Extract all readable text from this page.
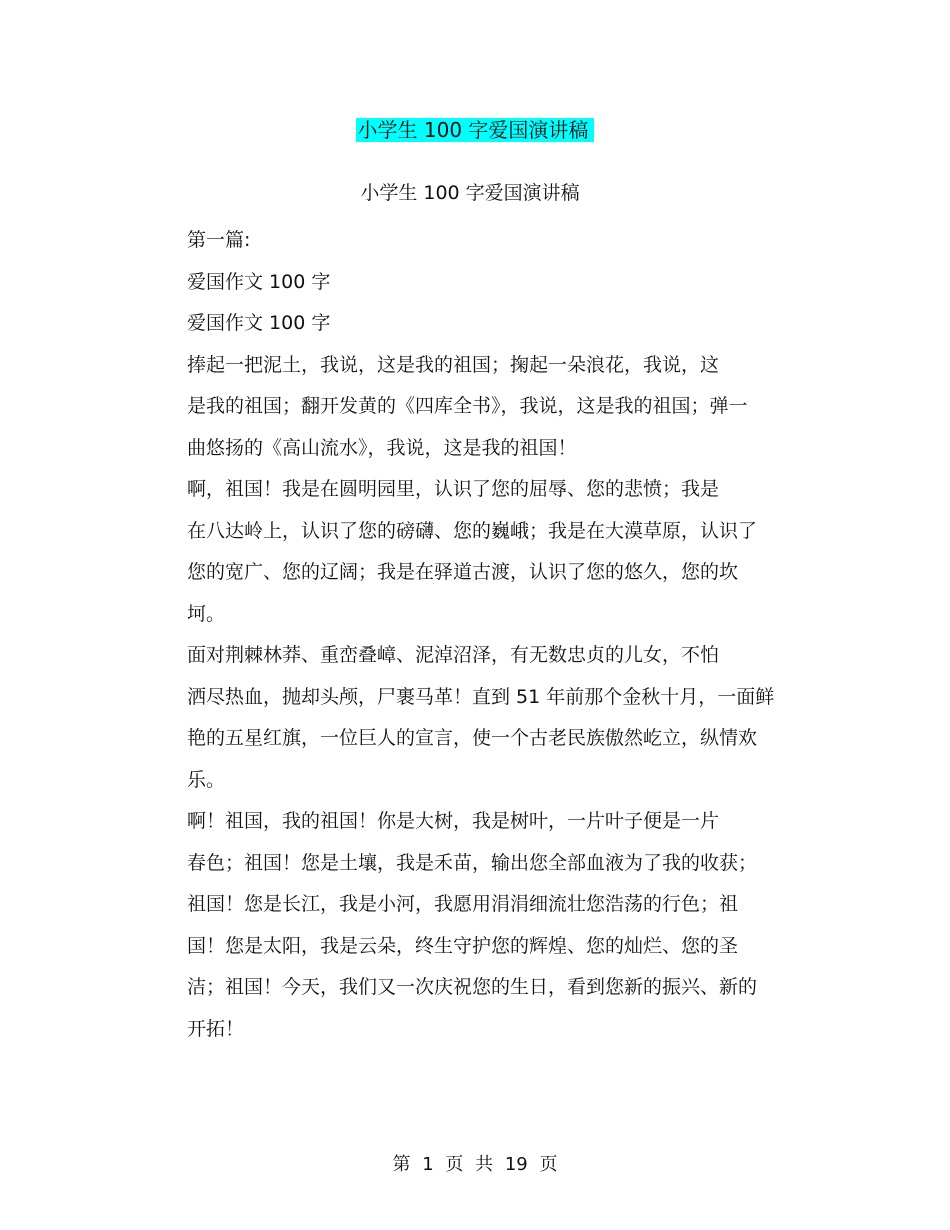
小学生 100 字爱国演讲稿
小学生 100 字爱国演讲稿

第一篇:

爱国作文 100 字

爱国作文 100 字

捧起一把泥土，我说，这是我的祖国；掬起一朵浪花，我说，这
是我的祖国；翻开发黄的《四库全书》，我说，这是我的祖国；弹一
曲悠扬的《高山流水》，我说，这是我的祖国！

啊，祖国！我是在圆明园里，认识了您的屈辱、您的悲愤；我是
在八达岭上，认识了您的磅礴、您的巍峨；我是在大漠草原，认识了
您的宽广、您的辽阔；我是在驿道古渡，认识了您的悠久，您的坎
坷。

面对荆棘林莽、重峦叠嶂、泥淖沼泽，有无数忠贞的儿女，不怕
洒尽热血，抛却头颅，尸裹马革！直到 51 年前那个金秋十月，一面鲜
艳的五星红旗，一位巨人的宣言，使一个古老民族傲然屹立，纵情欢
乐。

啊！祖国，我的祖国！你是大树，我是树叶，一片叶子便是一片
春色；祖国！您是土壤，我是禾苗，输出您全部血液为了我的收获；
祖国！您是长江，我是小河，我愿用涓涓细流壮您浩荡的行色；祖
国！您是太阳，我是云朵，终生守护您的辉煌、您的灿烂、您的圣
洁；祖国！今天，我们又一次庆祝您的生日，看到您新的振兴、新的
开拓！

第 1 页 共 19 页
